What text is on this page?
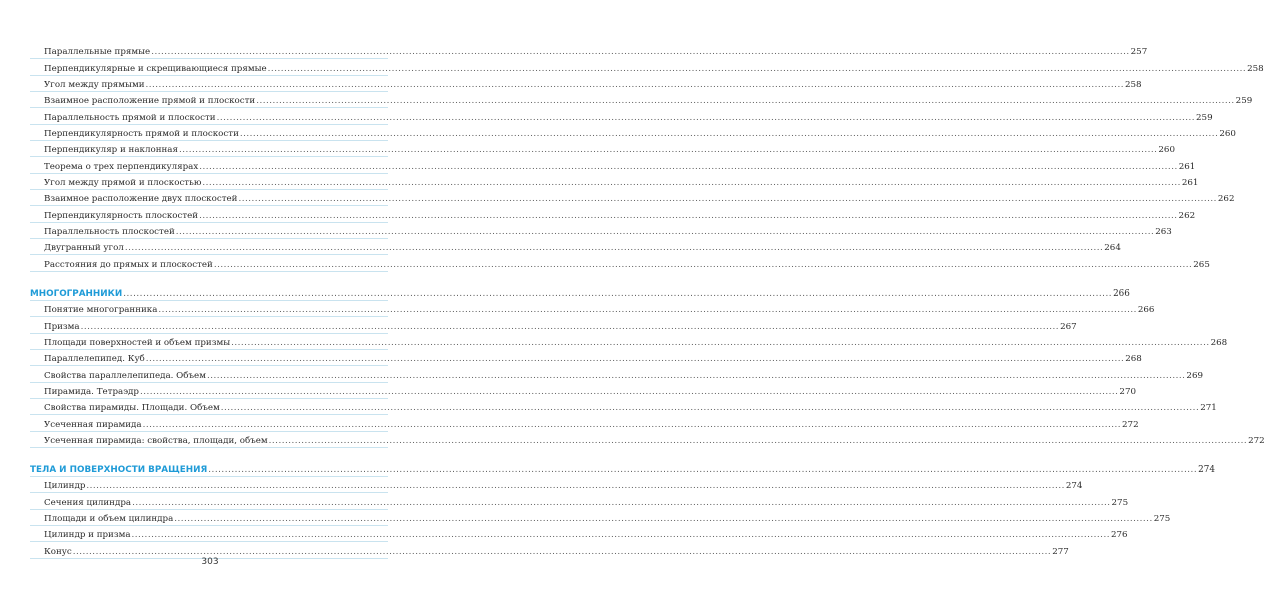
Параллельные прямые ............................................................................................................................................................................................................................................................................................................ 257
Перпендикулярные и скрещивающиеся прямые ............................................................................................................................................................................................................................................................................................................ 258
Угол между прямыми ............................................................................................................................................................................................................................................................................................................ 258
Взаимное расположение прямой и плоскости ............................................................................................................................................................................................................................................................................................................ 259
Параллельность прямой и плоскости ............................................................................................................................................................................................................................................................................................................ 259
Перпендикулярность прямой и плоскости ............................................................................................................................................................................................................................................................................................................ 260
Перпендикуляр и наклонная ............................................................................................................................................................................................................................................................................................................ 260
Теорема о трех перпендикулярах ............................................................................................................................................................................................................................................................................................................ 261
Угол между прямой и плоскостью ............................................................................................................................................................................................................................................................................................................ 261
Взаимное расположение двух плоскостей ............................................................................................................................................................................................................................................................................................................ 262
Перпендикулярность плоскостей ............................................................................................................................................................................................................................................................................................................ 262
Параллельность плоскостей ............................................................................................................................................................................................................................................................................................................ 263
Двугранный угол ............................................................................................................................................................................................................................................................................................................ 264
Расстояния до прямых и плоскостей ............................................................................................................................................................................................................................................................................................................ 265
МНОГОГРАННИКИ ............................................................................................................................................................................................................................................................................................................ 266
Понятие многогранника ............................................................................................................................................................................................................................................................................................................ 266
Призма ............................................................................................................................................................................................................................................................................................................ 267
Площади поверхностей и объем призмы ............................................................................................................................................................................................................................................................................................................ 268
Параллелепипед. Куб ............................................................................................................................................................................................................................................................................................................ 268
Свойства параллелепипеда. Объем ............................................................................................................................................................................................................................................................................................................ 269
Пирамида. Тетраэдр ............................................................................................................................................................................................................................................................................................................ 270
Свойства пирамиды. Площади. Объем ............................................................................................................................................................................................................................................................................................................ 271
Усеченная пирамида ............................................................................................................................................................................................................................................................................................................ 272
Усеченная пирамида: свойства, площади, объем ............................................................................................................................................................................................................................................................................................................ 272
ТЕЛА И ПОВЕРХНОСТИ ВРАЩЕНИЯ ............................................................................................................................................................................................................................................................................................................ 274
Цилиндр ............................................................................................................................................................................................................................................................................................................ 274
Сечения цилиндра ............................................................................................................................................................................................................................................................................................................ 275
Площади и объем цилиндра ............................................................................................................................................................................................................................................................................................................ 275
Цилиндр и призма ............................................................................................................................................................................................................................................................................................................ 276
Конус ............................................................................................................................................................................................................................................................................................................ 277
303
